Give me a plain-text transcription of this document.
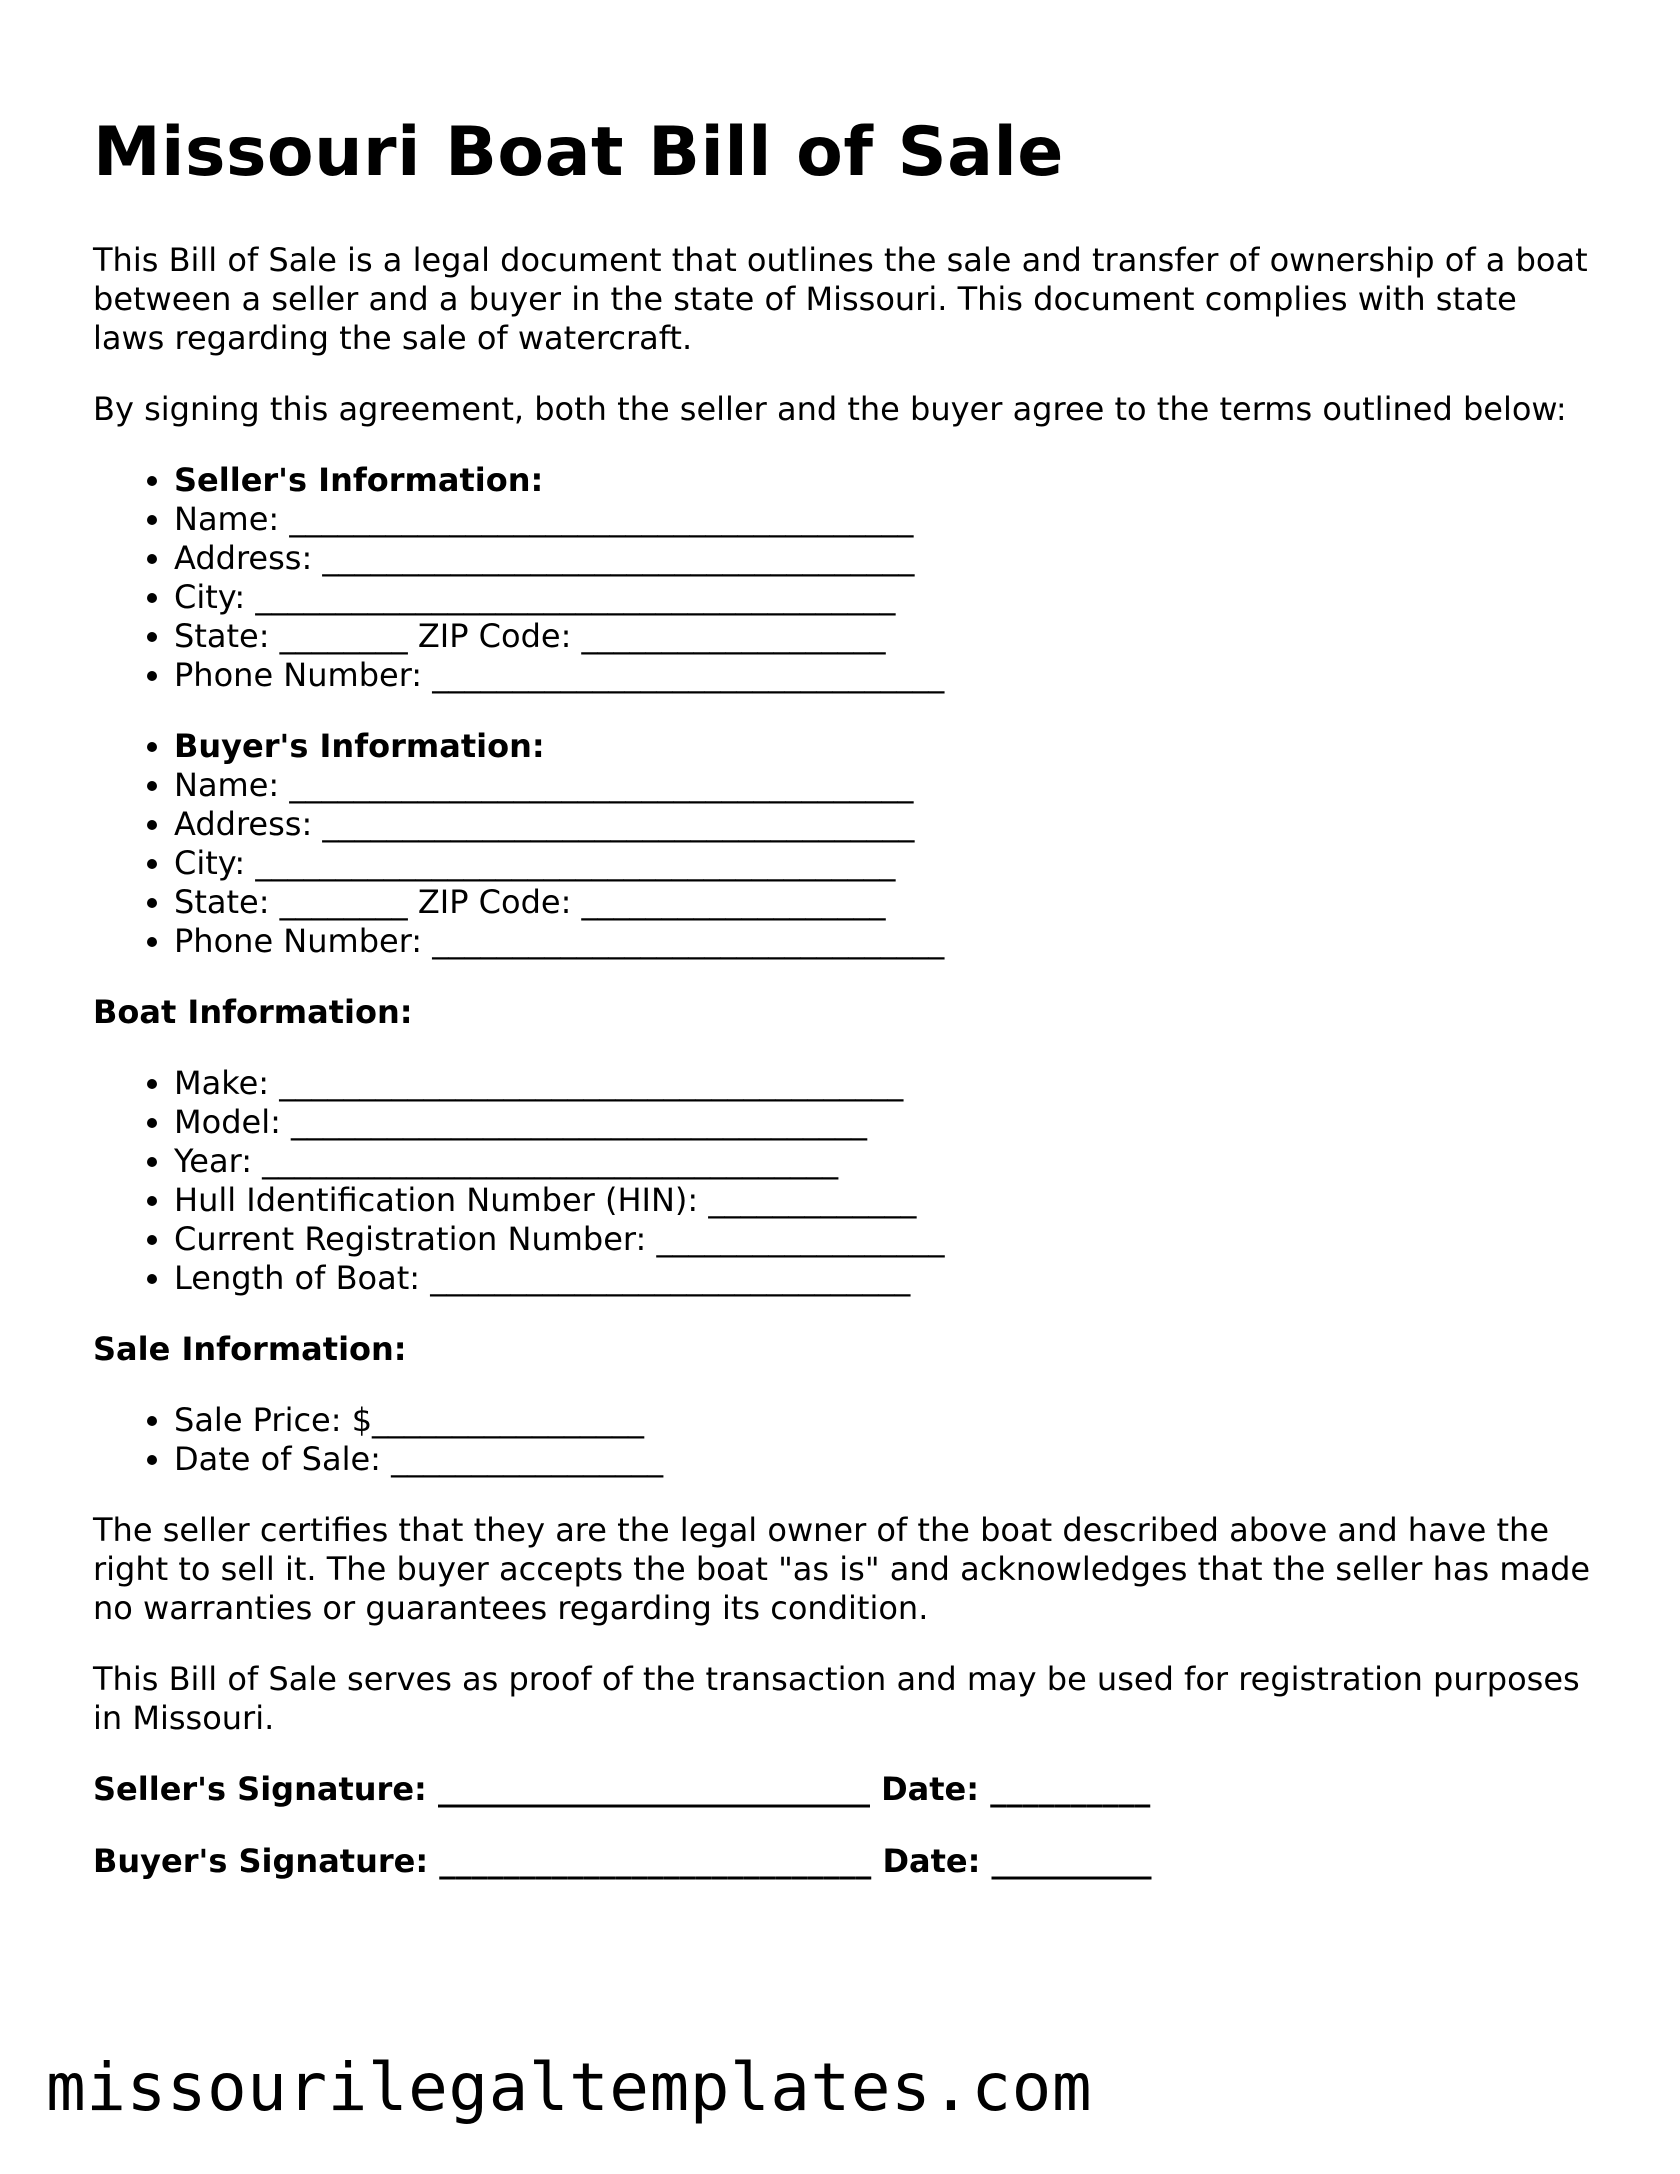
Missouri Boat Bill of Sale

This Bill of Sale is a legal document that outlines the sale and transfer of ownership of a boat between a seller and a buyer in the state of Missouri. This document complies with state laws regarding the sale of watercraft.

By signing this agreement, both the seller and the buyer agree to the terms outlined below:

• Seller's Information:
• Name: _______________________________________
• Address: _____________________________________
• City: ________________________________________
• State: ________ ZIP Code: ___________________
• Phone Number: ________________________________
• Buyer's Information:
• Name: _______________________________________
• Address: _____________________________________
• City: ________________________________________
• State: ________ ZIP Code: ___________________
• Phone Number: ________________________________
Boat Information:
• Make: _______________________________________
• Model: ____________________________________
• Year: ____________________________________
• Hull Identification Number (HIN): _____________
• Current Registration Number: __________________
• Length of Boat: ______________________________
Sale Information:
• Sale Price: $_________________
• Date of Sale: _________________

The seller certifies that they are the legal owner of the boat described above and have the right to sell it. The buyer accepts the boat "as is" and acknowledges that the seller has made no warranties or guarantees regarding its condition.

This Bill of Sale serves as proof of the transaction and may be used for registration purposes in Missouri.

Seller's Signature: ___________________________ Date: __________
Buyer's Signature: ___________________________ Date: __________
missourilegaltemplates.com
